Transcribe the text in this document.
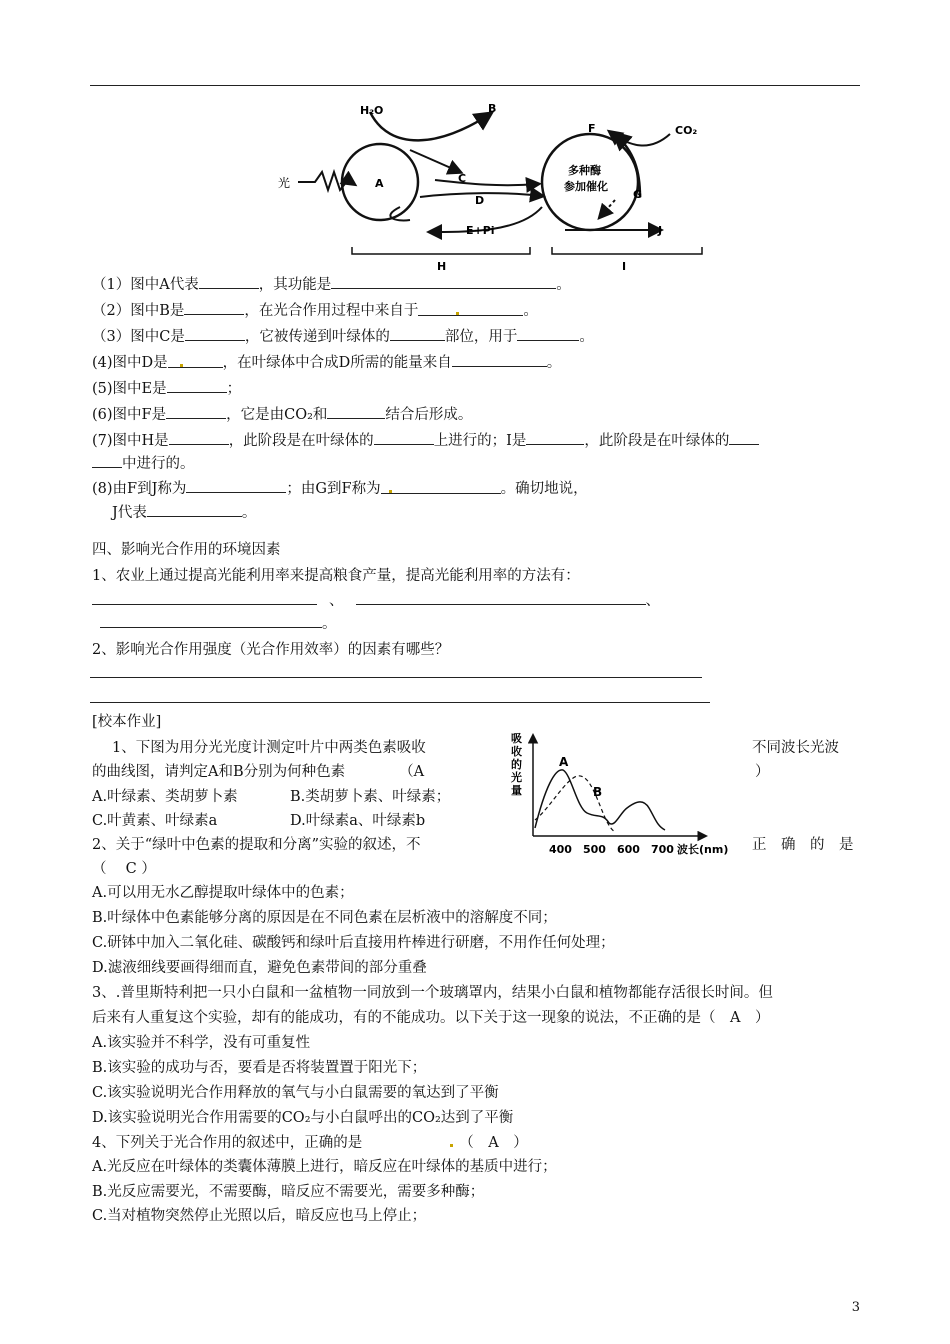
H₂O	B
光	A	C
D
E+Pi
多种酶
参加催化
F	CO₂
G
J
H	I
（1）图中A代表	，其功能是	。
（2）图中B是	，在光合作用过程中来自于	。
（3）图中C是	，它被传递到叶绿体的	部位，用于	。
(4)图中D是	，在叶绿体中合成D所需的能量来自	。
(5)图中E是	；
(6)图中F是	，它是由CO₂和	结合后形成。
(7)图中H是	，此阶段是在叶绿体的	上进行的；I是	，此阶段是在叶绿体的
中进行的。
(8)由F到J称为	；由G到F称为	。确切地说，
J代表	。
四、影响光合作用的环境因素
1、农业上通过提高光能利用率来提高粮食产量，提高光能利用率的方法有：
、	、
。
2、影响光合作用强度（光合作用效率）的因素有哪些？
[校本作业]
1、下图为用分光光度计测定叶片中两类色素吸收	不同波长光波
的曲线图，请判定A和B分别为何种色素	（A	）
A.叶绿素、类胡萝卜素	B.类胡萝卜素、叶绿素；
C.叶黄素、叶绿素a	D.叶绿素a、叶绿素b
2、关于“绿叶中色素的提取和分离”实验的叙述，不	正　确　的　是
（　 C ）
A.可以用无水乙醇提取叶绿体中的色素；
B.叶绿体中色素能够分离的原因是在不同色素在层析液中的溶解度不同；
C.研钵中加入二氧化硅、碳酸钙和绿叶后直接用杵棒进行研磨，不用作任何处理；
D.滤液细线要画得细而直，避免色素带间的部分重叠
3、.普里斯特利把一只小白鼠和一盆植物一同放到一个玻璃罩内，结果小白鼠和植物都能存活很长时间。但
后来有人重复这个实验，却有的能成功，有的不能成功。以下关于这一现象的说法，不正确的是（　A　）
A.该实验并不科学，没有可重复性
B.该实验的成功与否，要看是否将装置置于阳光下；
C.该实验说明光合作用释放的氧气与小白鼠需要的氧达到了平衡
D.该实验说明光合作用需要的CO₂与小白鼠呼出的CO₂达到了平衡
4、下列关于光合作用的叙述中，正确的是	（　A　）
A.光反应在叶绿体的类囊体薄膜上进行，暗反应在叶绿体的基质中进行；
B.光反应需要光，不需要酶，暗反应不需要光，需要多种酶；
C.当对植物突然停止光照以后，暗反应也马上停止；
吸
收
的
光
量
A
B
400 500 600 700 波长(nm)
3
